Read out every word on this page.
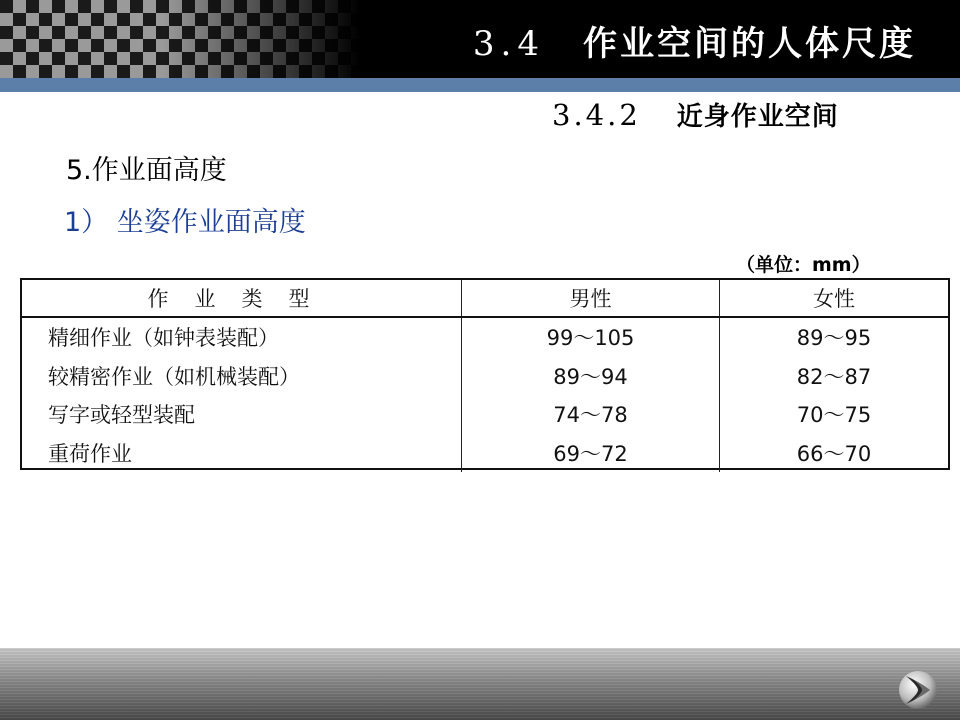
3.4 作业空间的人体尺度
3.4.2 近身作业空间
5.作业面高度
1） 坐姿作业面高度
（单位：mm）
作业类型	男性	女性
精细作业（如钟表装配）	99～105	89～95
较精密作业（如机械装配）	89～94	82～87
写字或轻型装配	74～78	70～75
重荷作业	69～72	66～70
